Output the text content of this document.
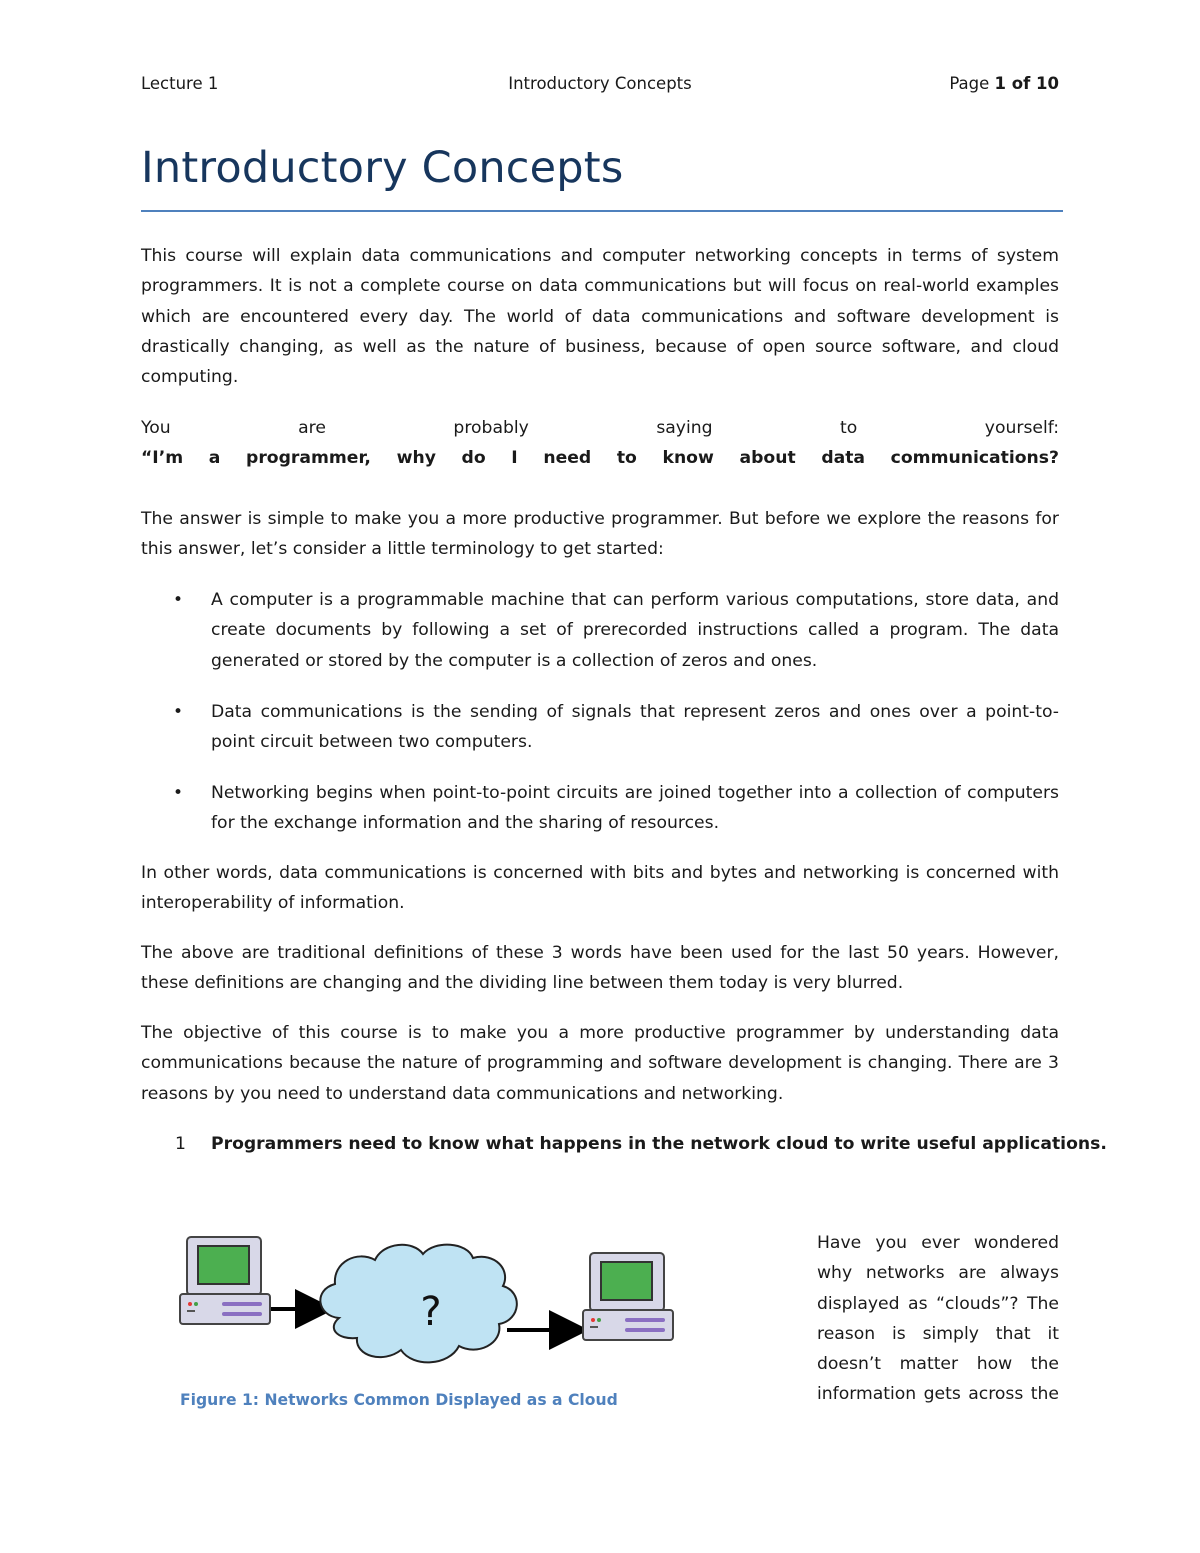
Lecture 1	Introductory Concepts	Page 1 of 10
Introductory Concepts

This course will explain data communications and computer networking concepts in terms of system programmers. It is not a complete course on data communications but will focus on real-world examples which are encountered every day. The world of data communications and software development is drastically changing, as well as the nature of business, because of open source software, and cloud computing.

You are probably saying to yourself:

“I’m a programmer, why do I need to know about data communications?

The answer is simple to make you a more productive programmer. But before we explore the reasons for this answer, let’s consider a little terminology to get started:

• A computer is a programmable machine that can perform various computations, store data, and create documents by following a set of prerecorded instructions called a program. The data generated or stored by the computer is a collection of zeros and ones.
• Data communications is the sending of signals that represent zeros and ones over a point-to-point circuit between two computers.
• Networking begins when point-to-point circuits are joined together into a collection of computers for the exchange information and the sharing of resources.

In other words, data communications is concerned with bits and bytes and networking is concerned with interoperability of information.

The above are traditional definitions of these 3 words have been used for the last 50 years. However, these definitions are changing and the dividing line between them today is very blurred.

The objective of this course is to make you a more productive programmer by understanding data communications because the nature of programming and software development is changing. There are 3 reasons by you need to understand data communications and networking.

1 Programmers need to know what happens in the network cloud to write useful applications.
?
Figure 1: Networks Common Displayed as a Cloud

Have you ever wondered why networks are always displayed as “clouds”? The reason is simply that it doesn’t matter how the information gets across the
